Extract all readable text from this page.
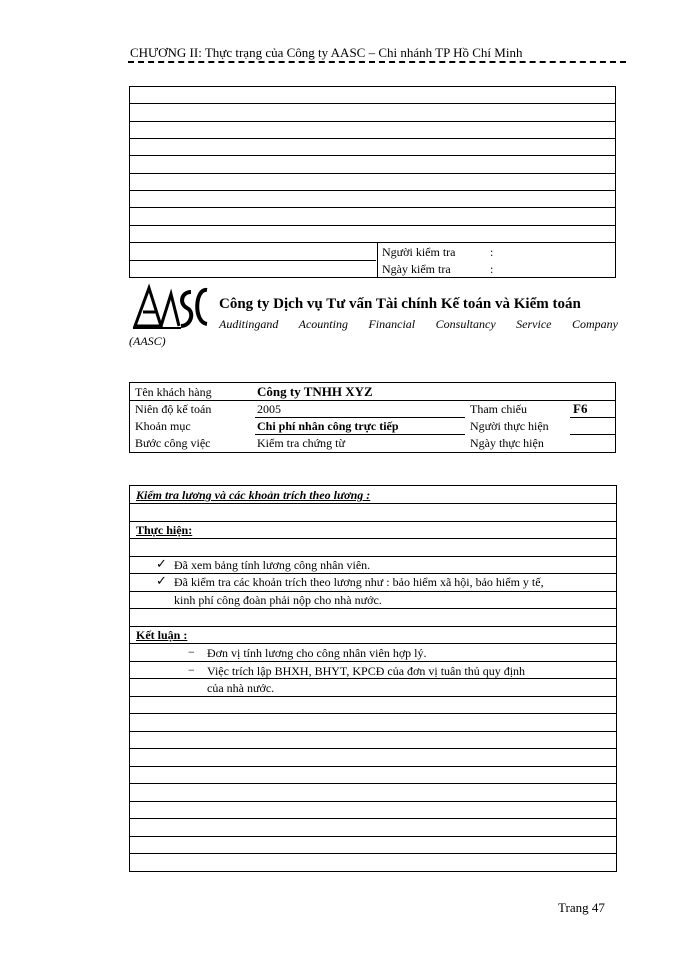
CHƯƠNG II: Thực trạng của Công ty AASC – Chi nhánh TP Hồ Chí Minh
Người kiểm tra	:
Ngày kiểm tra	:
Công ty Dịch vụ Tư vấn Tài chính Kế toán và Kiểm toán
Auditingand Acounting Financial Consultancy Service Company
(AASC)
Tên khách hàng	Công ty TNHH XYZ
Niên độ kế toán	2005	Tham chiếu	F6
Khoản mục	Chi phí nhân công trực tiếp	Người thực hiện
Bước công việc	Kiểm tra chứng từ	Ngày thực hiện
Kiểm tra lương và các khoản trích theo lương :
Thực hiện:
✓ Đã xem bảng tính lương công nhân viên.
✓ Đã kiểm tra các khoản trích theo lương như : bảo hiểm xã hội, bảo hiểm y tế,
kinh phí công đoàn phải nộp cho nhà nước.
Kết luận :
− Đơn vị tính lương cho công nhân viên hợp lý.
− Việc trích lập BHXH, BHYT, KPCĐ của đơn vị tuân thủ quy định
của nhà nước.
Trang 47
